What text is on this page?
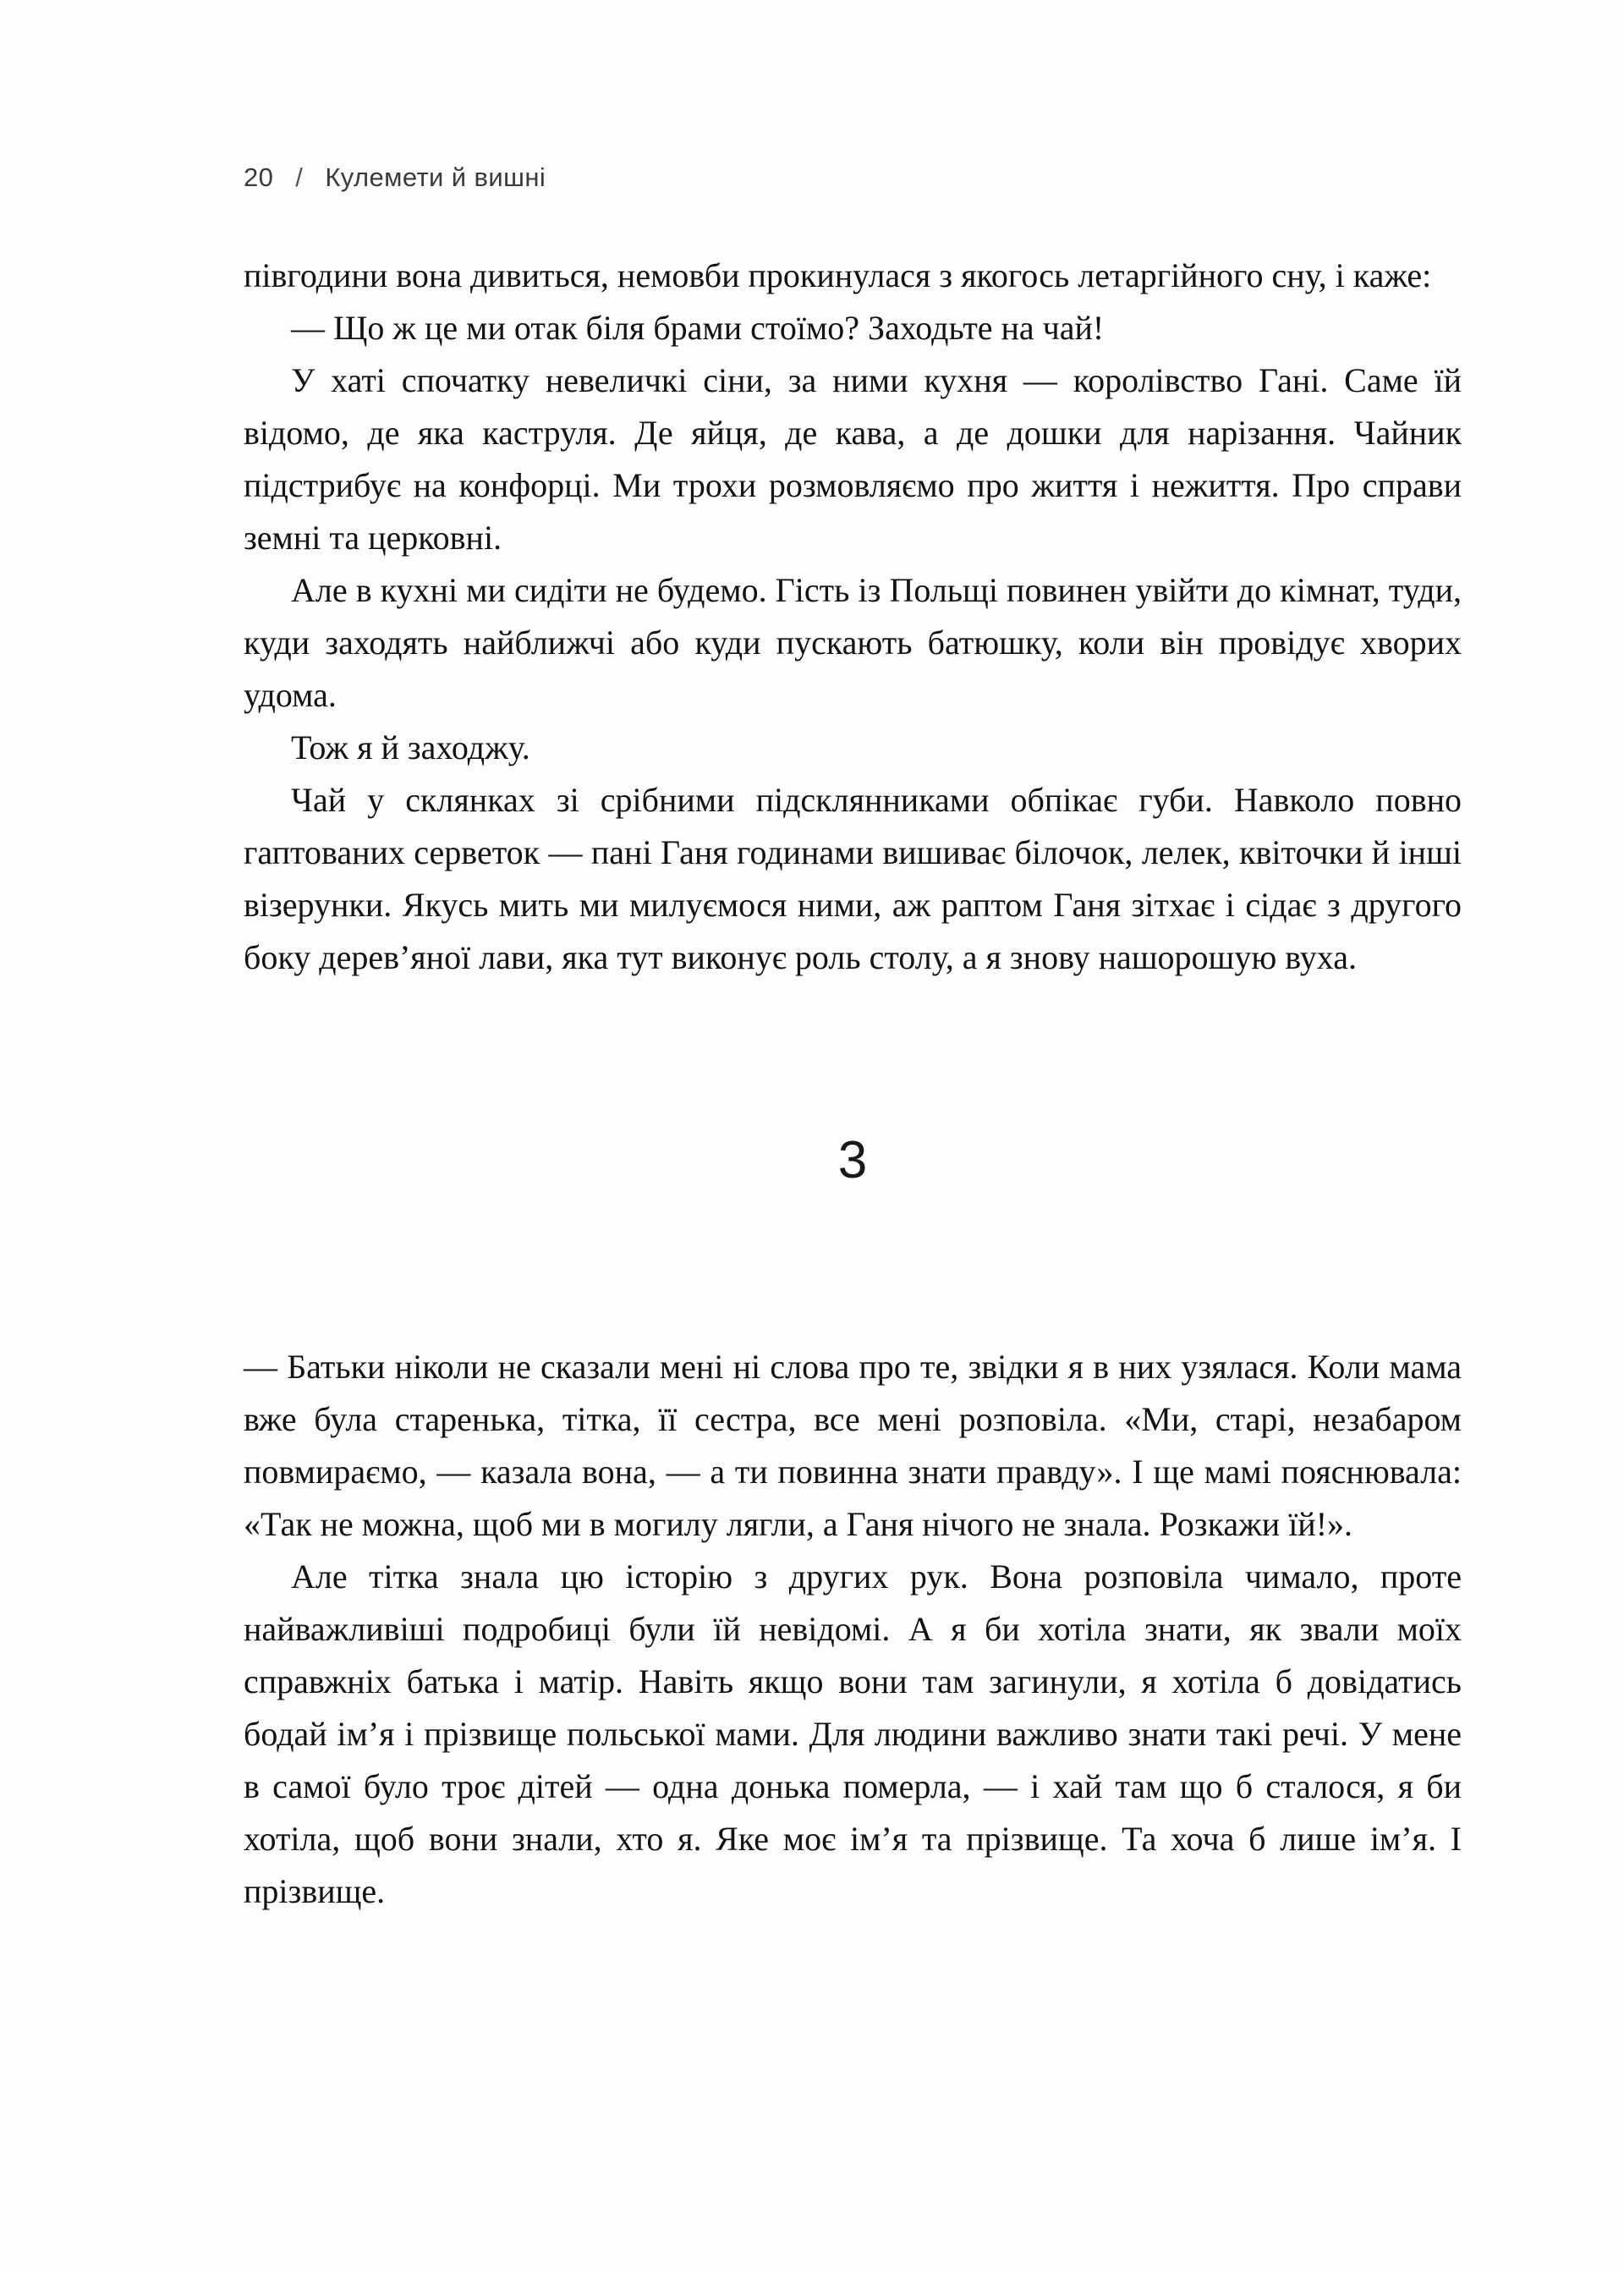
20 / Кулемети й вишні

півгодини вона дивиться, немовби прокинулася з якогось летаргійного сну, і каже:

— Що ж це ми отак біля брами стоїмо? Заходьте на чай!

У хаті спочатку невеличкі сіни, за ними кухня — королівство Гані. Саме їй відомо, де яка каструля. Де яйця, де кава, а де дошки для нарізання. Чайник підстрибує на конфорці. Ми трохи розмовляємо про життя і нежиття. Про справи земні та церковні.

Але в кухні ми сидіти не будемо. Гість із Польщі повинен увійти до кімнат, туди, куди заходять найближчі або куди пускають батюшку, коли він провідує хворих удома.

Тож я й заходжу.

Чай у склянках зі срібними підсклянниками обпікає губи. Навколо повно гаптованих серветок — пані Ганя годинами вишиває білочок, лелек, квіточки й інші візерунки. Якусь мить ми милуємося ними, аж раптом Ганя зітхає і сідає з другого боку дерев’яної лави, яка тут виконує роль столу, а я знову нашорошую вуха.

3

— Батьки ніколи не сказали мені ні слова про те, звідки я в них узялася. Коли мама вже була старенька, тітка, її сестра, все мені розповіла. «Ми, старі, незабаром повмираємо, — казала вона, — а ти повинна знати правду». І ще мамі пояснювала: «Так не можна, щоб ми в могилу лягли, а Ганя нічого не знала. Розкажи їй!».

Але тітка знала цю історію з других рук. Вона розповіла чимало, проте найважливіші подробиці були їй невідомі. А я би хотіла знати, як звали моїх справжніх батька і матір. Навіть якщо вони там загинули, я хотіла б довідатись бодай ім’я і прізвище польської мами. Для людини важливо знати такі речі. У мене в самої було троє дітей — одна донька померла, — і хай там що б сталося, я би хотіла, щоб вони знали, хто я. Яке моє ім’я та прізвище. Та хоча б лише ім’я. І прізвище.
